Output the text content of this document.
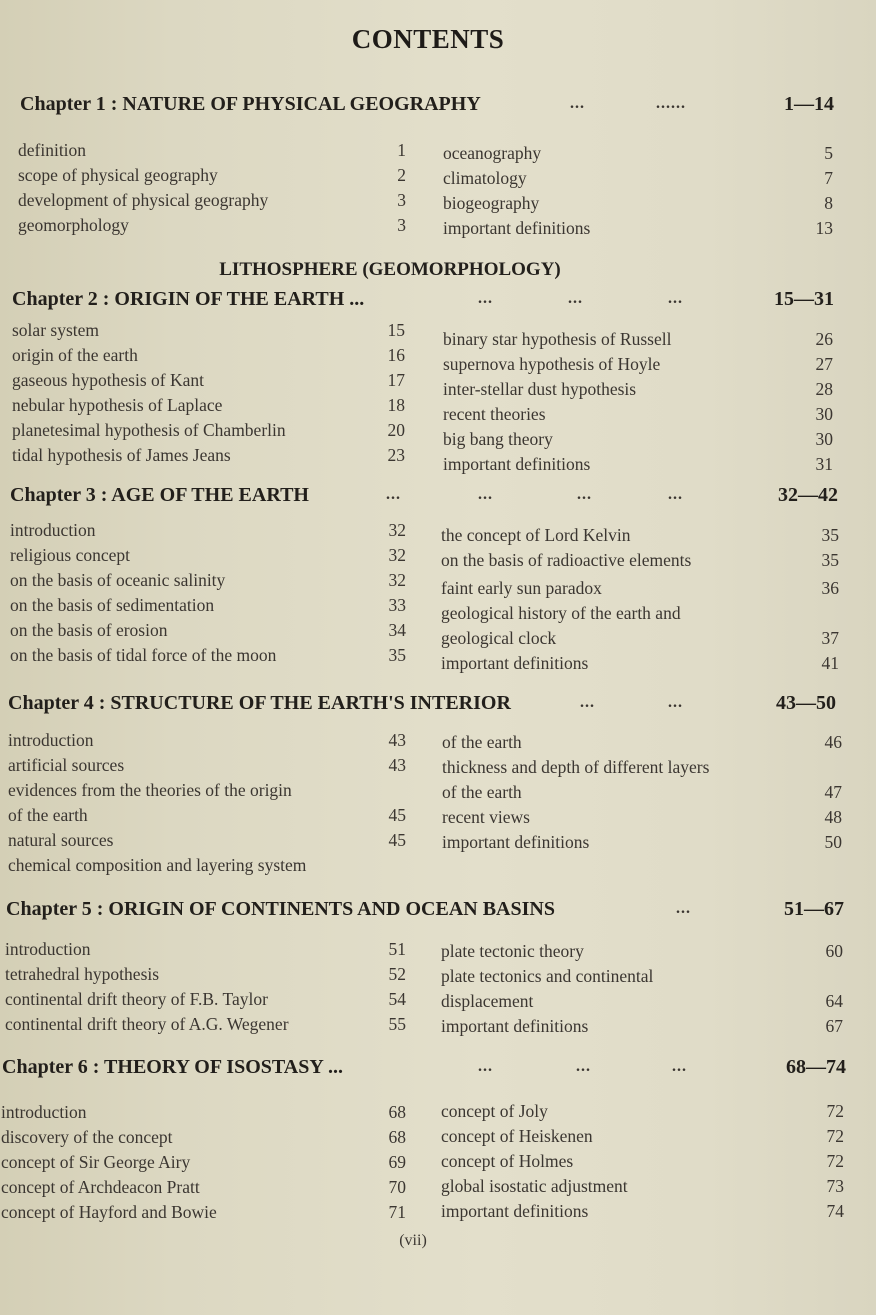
CONTENTS
Chapter 1 : NATURE OF PHYSICAL GEOGRAPHY	...	......	1—14
definition	1
scope of physical geography	2
development of physical geography	3
geomorphology	3
oceanography	5
climatology	7
biogeography	8
important definitions	13
LITHOSPHERE (GEOMORPHOLOGY)
Chapter 2 : ORIGIN OF THE EARTH ...	...	...	...	15—31
solar system	15
origin of the earth	16
gaseous hypothesis of Kant	17
nebular hypothesis of Laplace	18
planetesimal hypothesis of Chamberlin	20
tidal hypothesis of James Jeans	23
binary star hypothesis of Russell	26
supernova hypothesis of Hoyle	27
inter-stellar dust hypothesis	28
recent theories	30
big bang theory	30
important definitions	31
Chapter 3 : AGE OF THE EARTH	...	...	...	...	32—42
introduction	32
religious concept	32
on the basis of oceanic salinity	32
on the basis of sedimentation	33
on the basis of erosion	34
on the basis of tidal force of the moon	35
the concept of Lord Kelvin	35
on the basis of radioactive elements	35
faint early sun paradox	36
geological history of the earth and
geological clock	37
important definitions	41
Chapter 4 : STRUCTURE OF THE EARTH'S INTERIOR	...	...	43—50
introduction	43
artificial sources	43
evidences from the theories of the origin
of the earth	45
natural sources	45
chemical composition and layering system
of the earth	46
thickness and depth of different layers
of the earth	47
recent views	48
important definitions	50
Chapter 5 : ORIGIN OF CONTINENTS AND OCEAN BASINS	...	51—67
introduction	51
tetrahedral hypothesis	52
continental drift theory of F.B. Taylor	54
continental drift theory of A.G. Wegener	55
plate tectonic theory	60
plate tectonics and continental
displacement	64
important definitions	67
Chapter 6 : THEORY OF ISOSTASY ...	...	...	...	68—74
introduction	68
discovery of the concept	68
concept of Sir George Airy	69
concept of Archdeacon Pratt	70
concept of Hayford and Bowie	71
concept of Joly	72
concept of Heiskenen	72
concept of Holmes	72
global isostatic adjustment	73
important definitions	74
(vii)
